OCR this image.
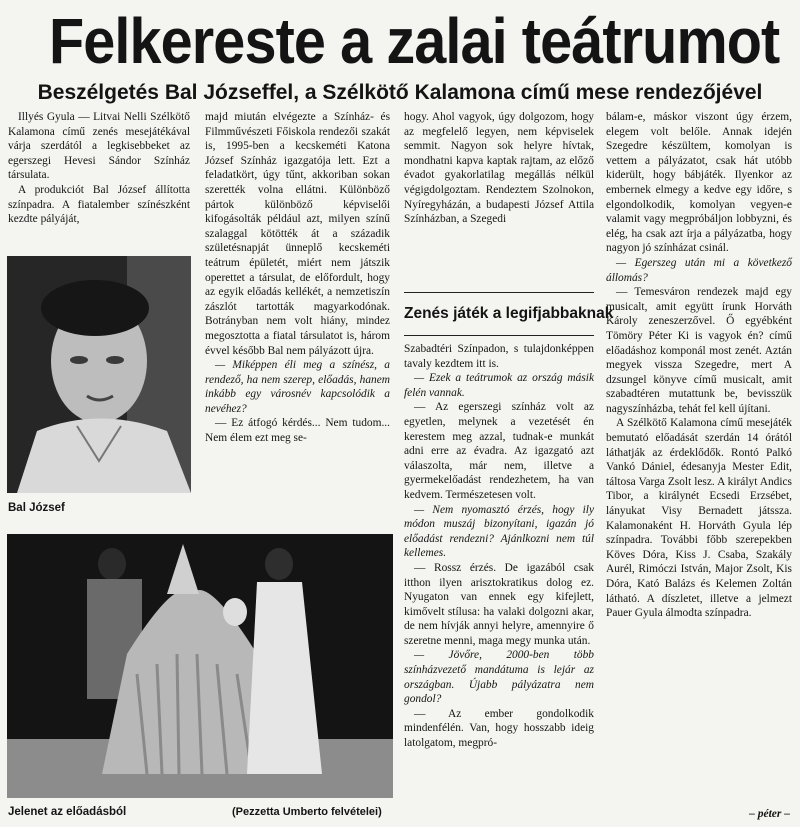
Felkereste a zalai teátrumot
Beszélgetés Bal Józseffel, a Szélkötő Kalamona című mese rendezőjével

Illyés Gyula — Litvai Nelli Szélkötő Kalamona című zenés mesejátékával várja szerdától a legkisebbeket az egerszegi Hevesi Sándor Színház társulata.

A produkciót Bal József állította színpadra. A fiatalember színészként kezdte pályáját,

Bal József
Jelenet az előadásból	(Pezzetta Umberto felvételei)

majd miután elvégezte a Színház- és Filmművészeti Főiskola rendezői szakát is, 1995-ben a kecskeméti Katona József Színház igazgatója lett. Ezt a feladatkört, úgy tűnt, akkoriban sokan szerették volna ellátni. Különböző pártok különböző képviselői kifogásolták például azt, milyen színű szalaggal kötötték át a századik születésnapját ünneplő kecskeméti teátrum épületét, miért nem játszik operettet a társulat, de előfordult, hogy az egyik előadás kellékét, a nemzetiszín zászlót tartották magyarkodónak. Botrányban nem volt hiány, mindez megosztotta a fiatal társulatot is, három évvel később Bal nem pályázott újra.

— Miképpen éli meg a színész, a rendező, ha nem szerep, előadás, hanem inkább egy városnév kapcsolódik a nevéhez?

— Ez átfogó kérdés... Nem tudom... Nem élem ezt meg se-

hogy. Ahol vagyok, úgy dolgozom, hogy az megfelelő legyen, nem képviselek semmit. Nagyon sok helyre hívtak, mondhatni kapva kaptak rajtam, az előző évadot gyakorlatilag megállás nélkül végigdolgoztam. Rendeztem Szolnokon, Nyíregyházán, a budapesti József Attila Színházban, a Szegedi

Zenés játék a legifjabbaknak

Szabadtéri Színpadon, s tulajdonképpen tavaly kezdtem itt is.

— Ezek a teátrumok az ország másik felén vannak.

— Az egerszegi színház volt az egyetlen, melynek a vezetését én kerestem meg azzal, tudnak-e munkát adni erre az évadra. Az igazgató azt válaszolta, már nem, illetve a gyermekelőadást rendezhetem, ha van kedvem. Természetesen volt.

— Nem nyomasztó érzés, hogy ily módon muszáj bizonyítani, igazán jó előadást rendezni? Ajánlkozni nem túl kellemes.

— Rossz érzés. De igazából csak itthon ilyen arisztokratikus dolog ez. Nyugaton van ennek egy kifejlett, kimővelt stílusa: ha valaki dolgozni akar, de nem hívják annyi helyre, amennyire ő szeretne menni, maga megy munka után.

— Jövőre, 2000-ben több színházvezető mandátuma is lejár az országban. Újabb pályázatra nem gondol?

— Az ember gondolkodik mindenfélén. Van, hogy hosszabb ideig latolgatom, megpró-

bálam-e, máskor viszont úgy érzem, elegem volt belőle. Annak idején Szegedre készültem, komolyan is vettem a pályázatot, csak hát utóbb kiderült, hogy bábjáték. Ilyenkor az embernek elmegy a kedve egy időre, s elgondolkodik, komolyan vegyen-e valamit vagy megpróbáljon lobbyzni, és elég, ha csak azt írja a pályázatba, hogy nagyon jó színházat csinál.

— Egerszeg után mi a következő állomás?

— Temesváron rendezek majd egy musicalt, amit együtt írunk Horváth Károly zeneszerzővel. Ő egyébként Tömöry Péter Ki is vagyok én? című előadáshoz komponál most zenét. Aztán megyek vissza Szegedre, mert A dzsungel könyve című musicalt, amit szabadtéren mutattunk be, bevisszük nagyszínházba, tehát fel kell újítani.

A Szélkötő Kalamona című mesejáték bemutató előadását szerdán 14 órától láthatják az érdeklődők. Rontó Palkó Vankó Dániel, édesanyja Mester Edit, táltosa Varga Zsolt lesz. A királyt Andics Tibor, a királynét Ecsedi Erzsébet, lányukat Visy Bernadett játssza. Kalamonaként H. Horváth Gyula lép színpadra. További főbb szerepekben Köves Dóra, Kiss J. Csaba, Szakály Aurél, Rimóczi István, Major Zsolt, Kis Dóra, Kató Balázs és Kelemen Zoltán látható. A díszletet, illetve a jelmezt Pauer Gyula álmodta színpadra.

– péter –
